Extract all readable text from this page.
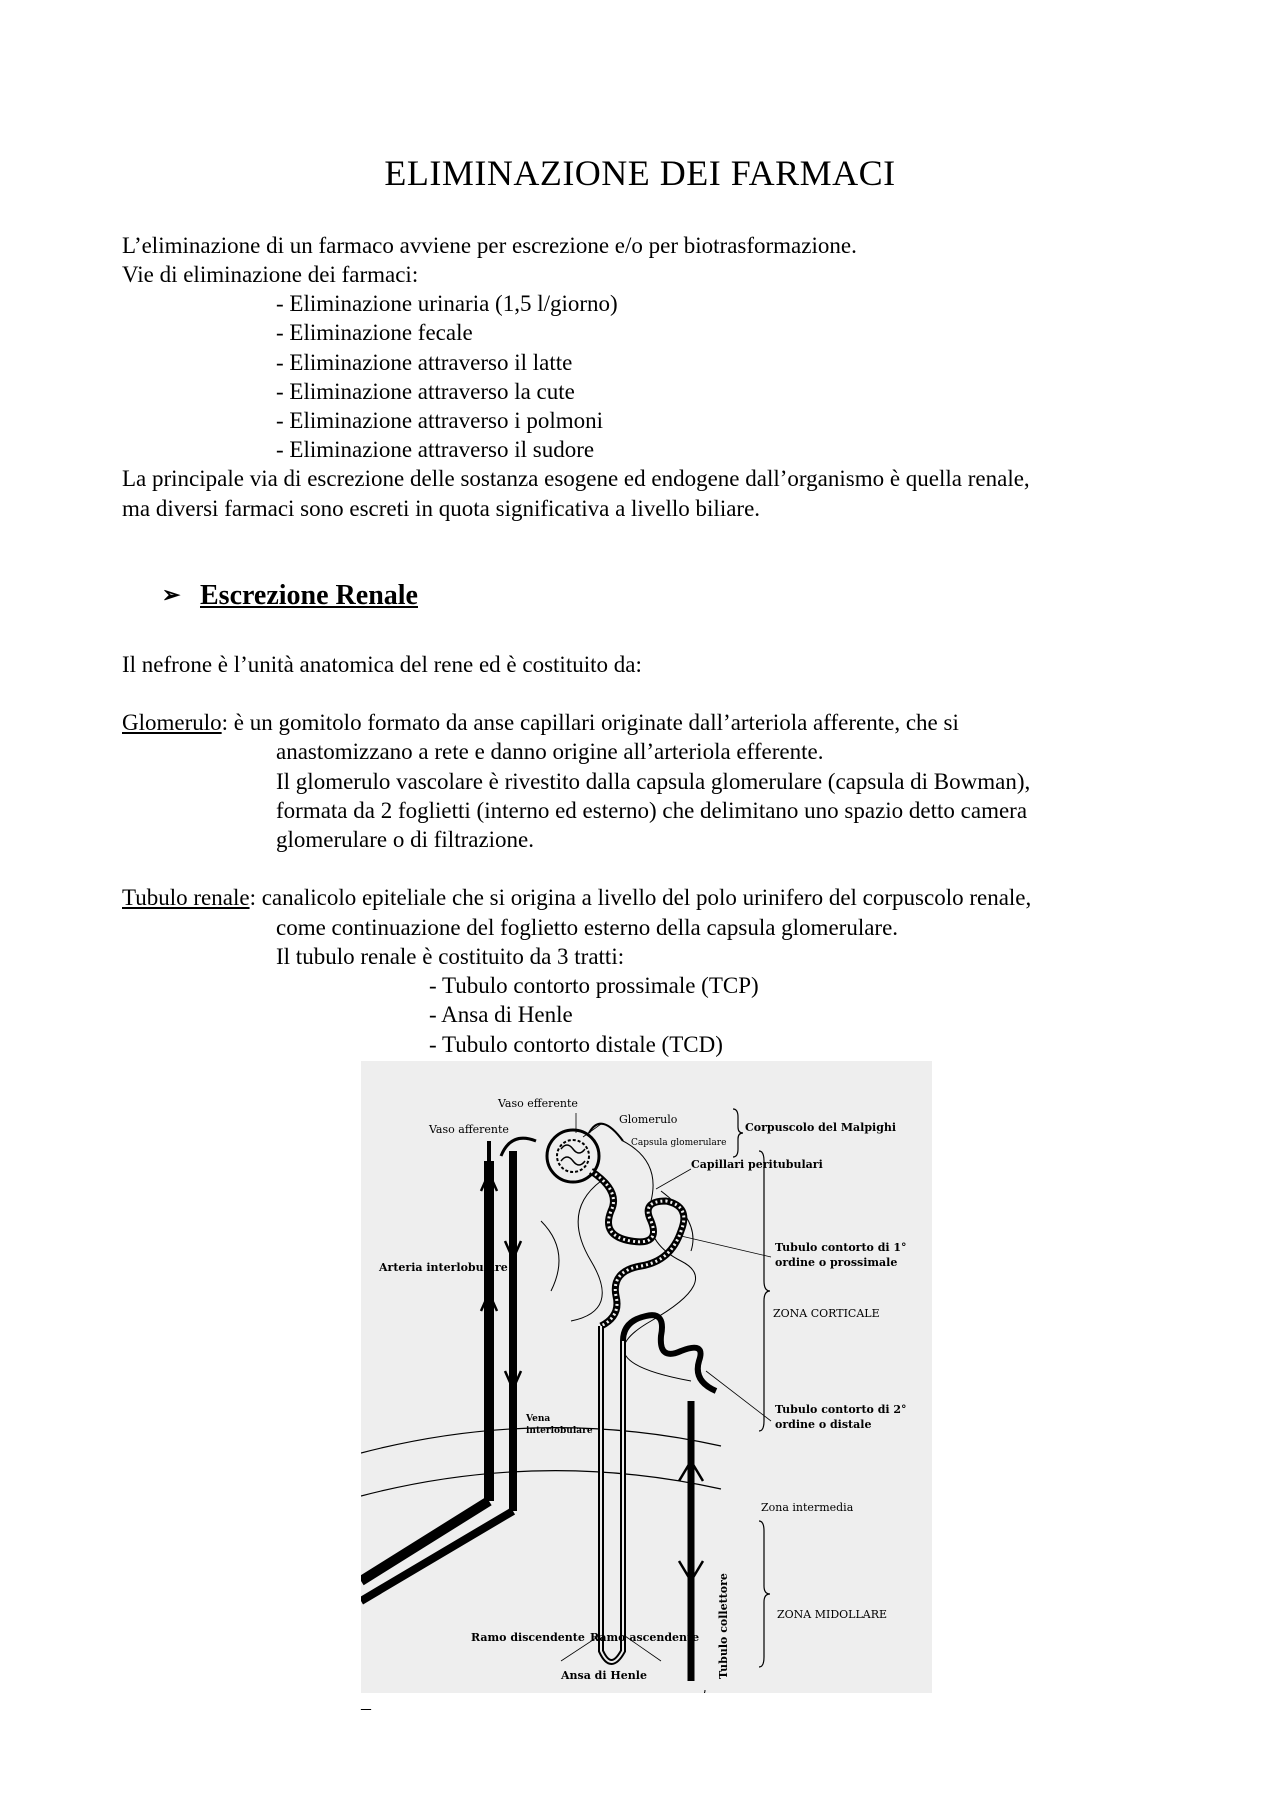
ELIMINAZIONE DEI FARMACI
L’eliminazione di un farmaco avviene per escrezione e/o per biotrasformazione.
Vie di eliminazione dei farmaci:
- Eliminazione urinaria (1,5 l/giorno)
- Eliminazione fecale
- Eliminazione attraverso il latte
- Eliminazione attraverso la cute
- Eliminazione attraverso i polmoni
- Eliminazione attraverso il sudore
La principale via di escrezione delle sostanza esogene ed endogene dall’organismo è quella renale,
ma diversi farmaci sono escreti in quota significativa a livello biliare.
➢ Escrezione Renale
Il nefrone è l’unità anatomica del rene ed è costituito da:
Glomerulo: è un gomitolo formato da anse capillari originate dall’arteriola afferente, che si
anastomizzano a rete e danno origine all’arteriola efferente.
Il glomerulo vascolare è rivestito dalla capsula glomerulare (capsula di Bowman),
formata da 2 foglietti (interno ed esterno) che delimitano uno spazio detto camera
glomerulare o di filtrazione.
Tubulo renale: canalicolo epiteliale che si origina a livello del polo urinifero del corpuscolo renale,
come continuazione del foglietto esterno della capsula glomerulare.
Il tubulo renale è costituito da 3 tratti:
- Tubulo contorto prossimale (TCP)
- Ansa di Henle
- Tubulo contorto distale (TCD)
Vaso efferente
Vaso afferente
Glomerulo
Capsula glomerulare
Corpuscolo del Malpighi
Capillari peritubulari
Tubulo contorto di 1°
ordine o prossimale
Arteria interlobulare
ZONA CORTICALE
Tubulo contorto di 2°
ordine o distale
Vena
interlobulare
Zona intermedia
Tubulo collettore	ZONA MIDOLLARE
Ramo discendente Ramo ascendente
Ansa di Henle
–
